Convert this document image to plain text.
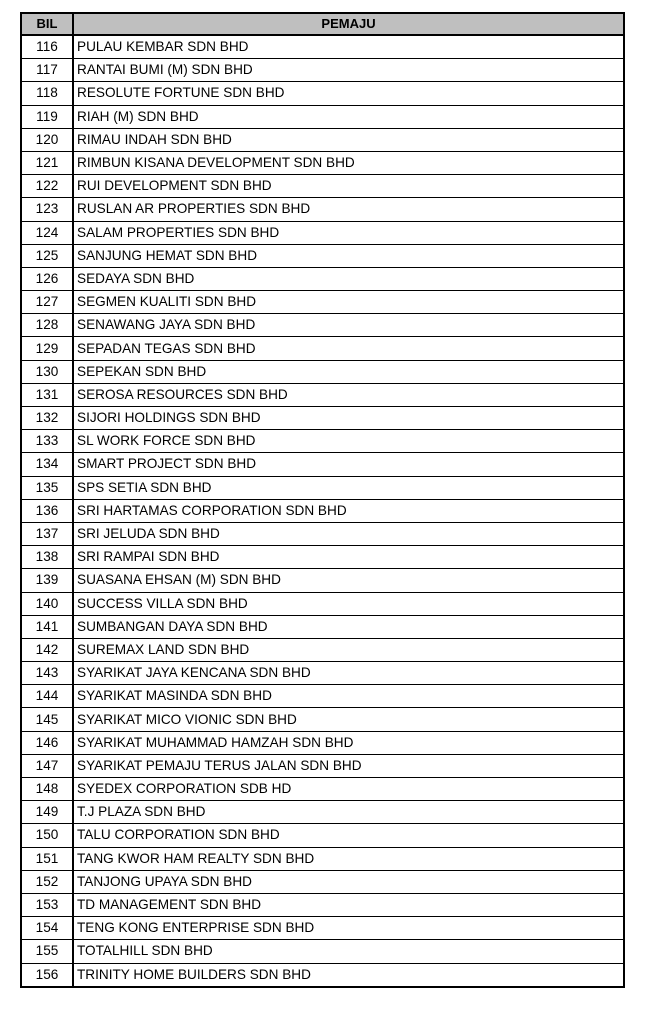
BIL	PEMAJU
116	PULAU KEMBAR SDN BHD
117	RANTAI BUMI (M) SDN BHD
118	RESOLUTE FORTUNE SDN BHD
119	RIAH (M) SDN BHD
120	RIMAU INDAH SDN BHD
121	RIMBUN KISANA DEVELOPMENT SDN BHD
122	RUI DEVELOPMENT SDN BHD
123	RUSLAN AR PROPERTIES SDN BHD
124	SALAM PROPERTIES SDN BHD
125	SANJUNG HEMAT SDN BHD
126	SEDAYA SDN BHD
127	SEGMEN KUALITI SDN BHD
128	SENAWANG JAYA SDN BHD
129	SEPADAN TEGAS SDN BHD
130	SEPEKAN SDN BHD
131	SEROSA RESOURCES SDN BHD
132	SIJORI HOLDINGS SDN BHD
133	SL WORK FORCE SDN BHD
134	SMART PROJECT SDN BHD
135	SPS SETIA SDN BHD
136	SRI HARTAMAS CORPORATION SDN BHD
137	SRI JELUDA SDN BHD
138	SRI RAMPAI SDN BHD
139	SUASANA EHSAN (M) SDN BHD
140	SUCCESS VILLA SDN BHD
141	SUMBANGAN DAYA SDN BHD
142	SUREMAX LAND SDN BHD
143	SYARIKAT JAYA KENCANA SDN BHD
144	SYARIKAT MASINDA SDN BHD
145	SYARIKAT MICO VIONIC SDN BHD
146	SYARIKAT MUHAMMAD HAMZAH SDN BHD
147	SYARIKAT PEMAJU TERUS JALAN SDN BHD
148	SYEDEX CORPORATION SDB HD
149	T.J PLAZA SDN BHD
150	TALU CORPORATION SDN BHD
151	TANG KWOR HAM REALTY SDN BHD
152	TANJONG UPAYA SDN BHD
153	TD MANAGEMENT SDN BHD
154	TENG KONG ENTERPRISE SDN BHD
155	TOTALHILL SDN BHD
156	TRINITY HOME BUILDERS SDN BHD
